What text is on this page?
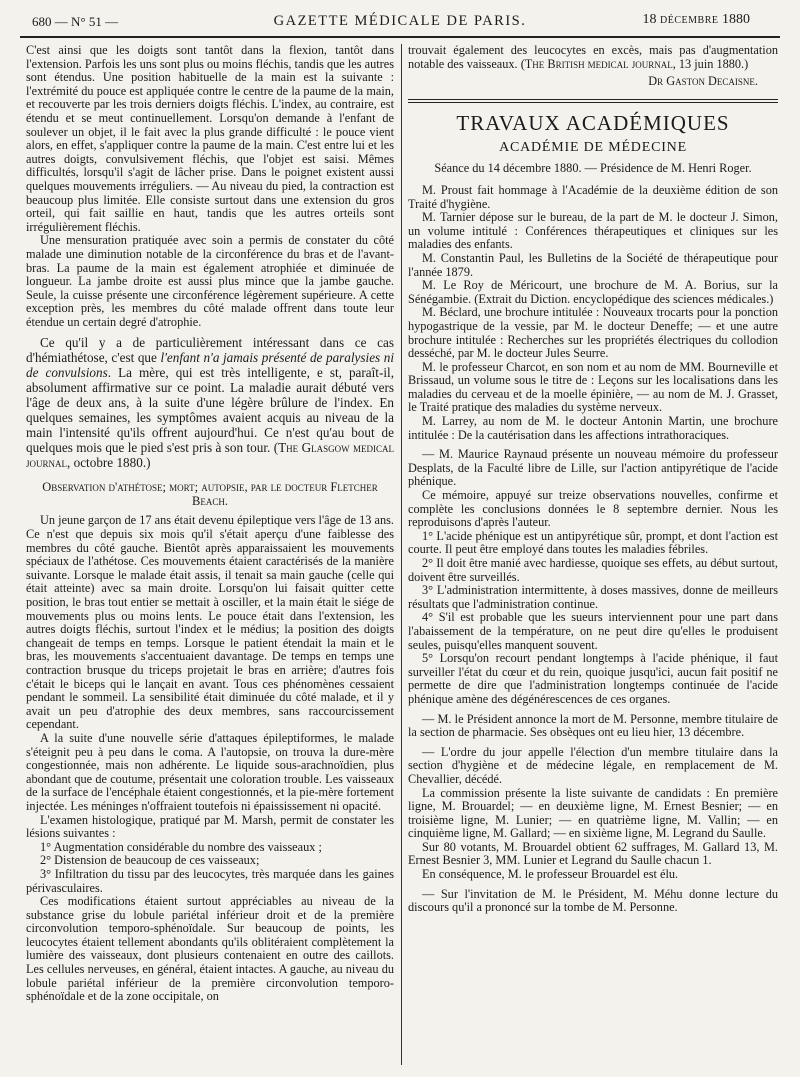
680 — N° 51 —	GAZETTE MÉDICALE DE PARIS.	18 DÉCEMBRE 1880

C'est ainsi que les doigts sont tantôt dans la flexion, tantôt dans l'extension. Parfois les uns sont plus ou moins fléchis, tandis que les autres sont étendus. Une position habituelle de la main est la suivante : l'extrémité du pouce est appliquée contre le centre de la paume de la main, et recouverte par les trois derniers doigts fléchis. L'index, au contraire, est étendu et se meut continuellement. Lorsqu'on demande à l'enfant de soulever un objet, il le fait avec la plus grande difficulté : le pouce vient alors, en effet, s'appliquer contre la paume de la main. C'est entre lui et les autres doigts, convulsivement fléchis, que l'objet est saisi. Mêmes difficultés, lorsqu'il s'agit de lâcher prise. Dans le poignet existent aussi quelques mouvements irréguliers. — Au niveau du pied, la contraction est beaucoup plus limitée. Elle consiste surtout dans une extension du gros orteil, qui fait saillie en haut, tandis que les autres orteils sont irrégulièrement fléchis.

Une mensuration pratiquée avec soin a permis de constater du côté malade une diminution notable de la circonférence du bras et de l'avant-bras. La paume de la main est également atrophiée et diminuée de longueur. La jambe droite est aussi plus mince que la jambe gauche. Seule, la cuisse présente une circonférence légèrement supérieure. A cette exception près, les membres du côté malade offrent dans toute leur étendue un certain degré d'atrophie.

Ce qu'il y a de particulièrement intéressant dans ce cas d'hémiathétose, c'est que l'enfant n'a jamais présenté de paralysies ni de convulsions. La mère, qui est très intelligente, e st, paraît-il, absolument affirmative sur ce point. La maladie aurait débuté vers l'âge de deux ans, à la suite d'une légère brûlure de l'index. En quelques semaines, les symptômes avaient acquis au niveau de la main l'intensité qu'ils offrent aujourd'hui. Ce n'est qu'au bout de quelques mois que le pied s'est pris à son tour. (The Glasgow medical journal, octobre 1880.)

Observation d'athétose; mort; autopsie, par le docteur Fletcher Beach.

Un jeune garçon de 17 ans était devenu épileptique vers l'âge de 13 ans. Ce n'est que depuis six mois qu'il s'était aperçu d'une faiblesse des membres du côté gauche. Bientôt après apparaissaient les mouvements spéciaux de l'athétose. Ces mouvements étaient caractérisés de la manière suivante. Lorsque le malade était assis, il tenait sa main gauche (celle qui était atteinte) avec sa main droite. Lorsqu'on lui faisait quitter cette position, le bras tout entier se mettait à osciller, et la main était le siége de mouvements plus ou moins lents. Le pouce était dans l'extension, les autres doigts fléchis, surtout l'index et le médius; la position des doigts changeait de temps en temps. Lorsque le patient étendait la main et le bras, les mouvements s'accentuaient davantage. De temps en temps une contraction brusque du triceps projetait le bras en arrière; d'autres fois c'était le biceps qui le lançait en avant. Tous ces phénomènes cessaient pendant le sommeil. La sensibilité était diminuée du côté malade, et il y avait un peu d'atrophie des deux membres, sans raccourcissement cependant.

A la suite d'une nouvelle série d'attaques épileptiformes, le malade s'éteignit peu à peu dans le coma. A l'autopsie, on trouva la dure-mère congestionnée, mais non adhérente. Le liquide sous-arachnoïdien, plus abondant que de coutume, présentait une coloration trouble. Les vaisseaux de la surface de l'encéphale étaient congestionnés, et la pie-mère fortement injectée. Les méninges n'offraient toutefois ni épaississement ni opacité.

L'examen histologique, pratiqué par M. Marsh, permit de constater les lésions suivantes :

1° Augmentation considérable du nombre des vaisseaux ;

2° Distension de beaucoup de ces vaisseaux;

3° Infiltration du tissu par des leucocytes, très marquée dans les gaines périvasculaires.

Ces modifications étaient surtout appréciables au niveau de la substance grise du lobule pariétal inférieur droit et de la première circonvolution temporo-sphénoïdale. Sur beaucoup de points, les leucocytes étaient tellement abondants qu'ils oblitéraient complètement la lumière des vaisseaux, dont plusieurs contenaient en outre des caillots. Les cellules nerveuses, en général, étaient intactes. A gauche, au niveau du lobule pariétal inférieur de la première circonvolution temporo-sphénoïdale et de la zone occipitale, on

trouvait également des leucocytes en excès, mais pas d'augmentation notable des vaisseaux. (The British medical journal, 13 juin 1880.)

Dr Gaston Decaisne.
TRAVAUX ACADÉMIQUES
ACADÉMIE DE MÉDECINE
Séance du 14 décembre 1880. — Présidence de M. Henri Roger.

M. Proust fait hommage à l'Académie de la deuxième édition de son Traité d'hygiène.

M. Tarnier dépose sur le bureau, de la part de M. le docteur J. Simon, un volume intitulé : Conférences thérapeutiques et cliniques sur les maladies des enfants.

M. Constantin Paul, les Bulletins de la Société de thérapeutique pour l'année 1879.

M. Le Roy de Méricourt, une brochure de M. A. Borius, sur la Sénégambie. (Extrait du Diction. encyclopédique des sciences médicales.)

M. Béclard, une brochure intitulée : Nouveaux trocarts pour la ponction hypogastrique de la vessie, par M. le docteur Deneffe; — et une autre brochure intitulée : Recherches sur les propriétés électriques du collodion desséché, par M. le docteur Jules Seurre.

M. le professeur Charcot, en son nom et au nom de MM. Bourneville et Brissaud, un volume sous le titre de : Leçons sur les localisations dans les maladies du cerveau et de la moelle épinière, — au nom de M. J. Grasset, le Traité pratique des maladies du système nerveux.

M. Larrey, au nom de M. le docteur Antonin Martin, une brochure intitulée : De la cautérisation dans les affections intrathoraciques.

— M. Maurice Raynaud présente un nouveau mémoire du professeur Desplats, de la Faculté libre de Lille, sur l'action antipyrétique de l'acide phénique.

Ce mémoire, appuyé sur treize observations nouvelles, confirme et complète les conclusions données le 8 septembre dernier. Nous les reproduisons d'après l'auteur.

1° L'acide phénique est un antipyrétique sûr, prompt, et dont l'action est courte. Il peut être employé dans toutes les maladies fébriles.

2° Il doit être manié avec hardiesse, quoique ses effets, au début surtout, doivent être surveillés.

3° L'administration intermittente, à doses massives, donne de meilleurs résultats que l'administration continue.

4° S'il est probable que les sueurs interviennent pour une part dans l'abaissement de la température, on ne peut dire qu'elles le produisent seules, puisqu'elles manquent souvent.

5° Lorsqu'on recourt pendant longtemps à l'acide phénique, il faut surveiller l'état du cœur et du rein, quoique jusqu'ici, aucun fait positif ne permette de dire que l'administration longtemps continuée de l'acide phénique amène des dégénérescences de ces organes.

— M. le Président annonce la mort de M. Personne, membre titulaire de la section de pharmacie. Ses obsèques ont eu lieu hier, 13 décembre.

— L'ordre du jour appelle l'élection d'un membre titulaire dans la section d'hygiène et de médecine légale, en remplacement de M. Chevallier, décédé.

La commission présente la liste suivante de candidats : En première ligne, M. Brouardel; — en deuxième ligne, M. Ernest Besnier; — en troisième ligne, M. Lunier; — en quatrième ligne, M. Vallin; — en cinquième ligne, M. Gallard; — en sixième ligne, M. Legrand du Saulle.

Sur 80 votants, M. Brouardel obtient 62 suffrages, M. Gallard 13, M. Ernest Besnier 3, MM. Lunier et Legrand du Saulle chacun 1.

En conséquence, M. le professeur Brouardel est élu.

— Sur l'invitation de M. le Président, M. Méhu donne lecture du discours qu'il a prononcé sur la tombe de M. Personne.
